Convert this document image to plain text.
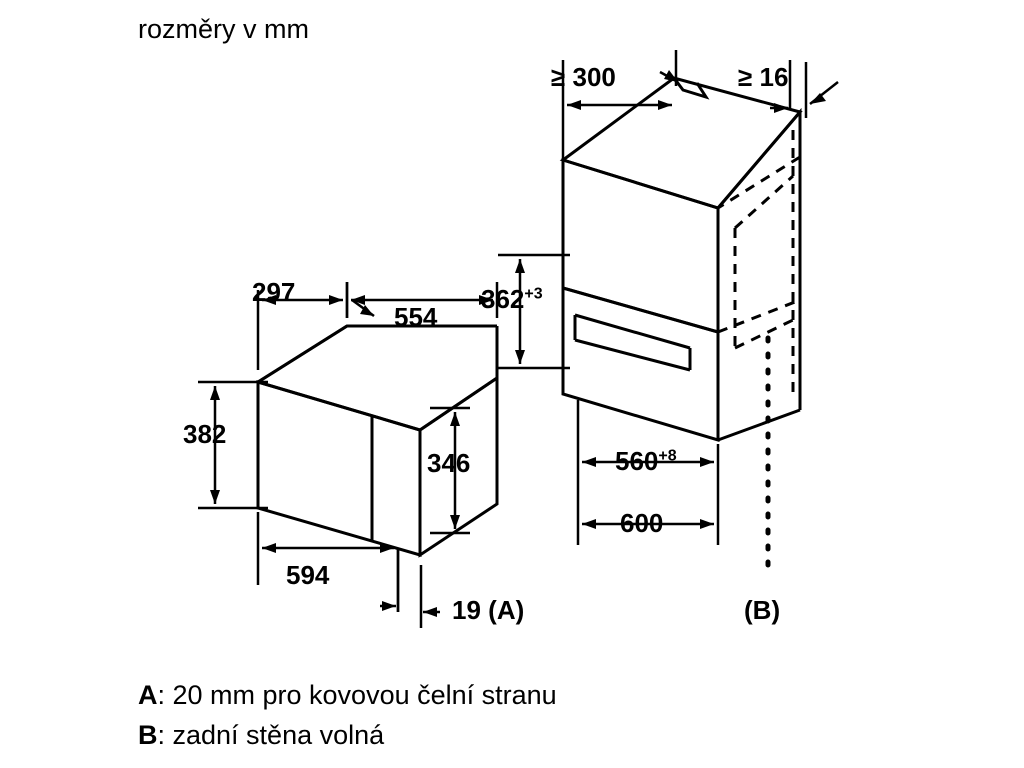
rozměry v mm
297
554
382
346
594
19 (A)
≥ 300	≥ 16
$362^{+3}$
$560^{+8}$
600
(B)
A: 20 mm pro kovovou čelní stranu
B: zadní stěna volná
